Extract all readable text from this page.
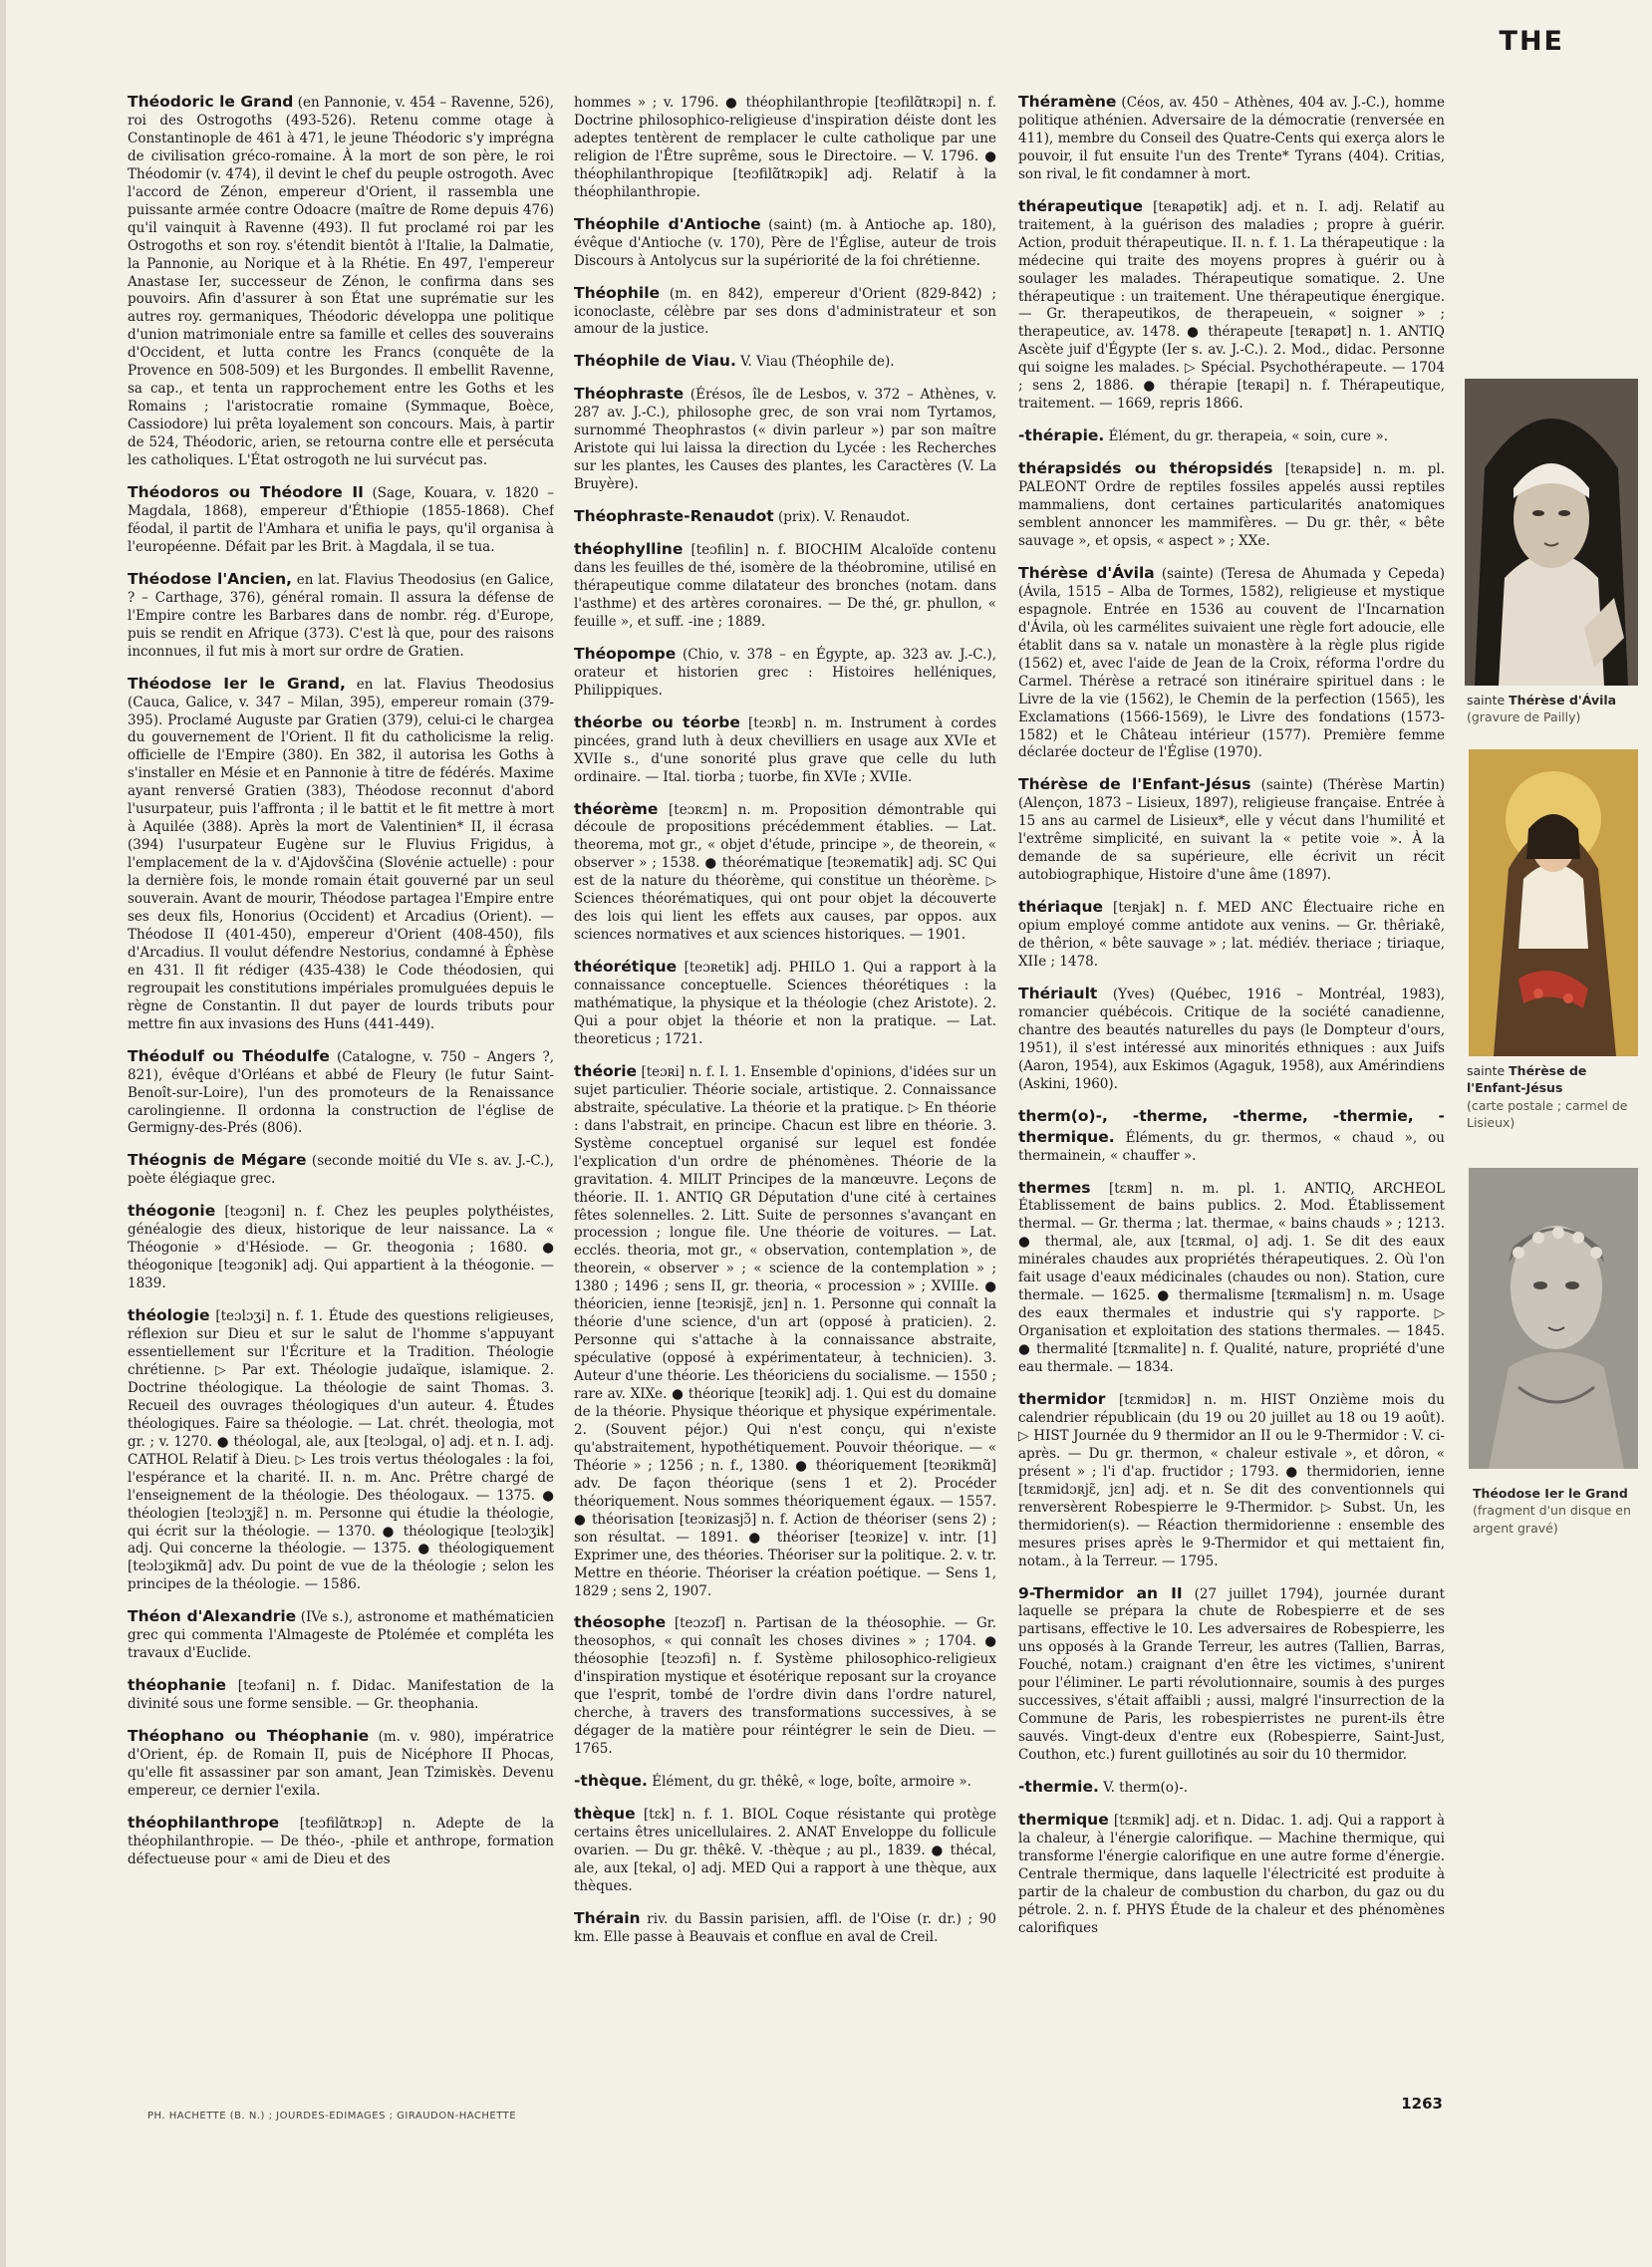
THE

Théodoric le Grand (en Pannonie, v. 454 – Ravenne, 526), roi des Ostrogoths (493-526). Retenu comme otage à Constantinople de 461 à 471, le jeune Théodoric s'y imprégna de civilisation gréco-romaine. À la mort de son père, le roi Théodomir (v. 474), il devint le chef du peuple ostrogoth. Avec l'accord de Zénon, empereur d'Orient, il rassembla une puissante armée contre Odoacre (maître de Rome depuis 476) qu'il vainquit à Ravenne (493). Il fut proclamé roi par les Ostrogoths et son roy. s'étendit bientôt à l'Italie, la Dalmatie, la Pannonie, au Norique et à la Rhétie. En 497, l'empereur Anastase Ier, successeur de Zénon, le confirma dans ses pouvoirs. Afin d'assurer à son État une suprématie sur les autres roy. germaniques, Théodoric développa une politique d'union matrimoniale entre sa famille et celles des souverains d'Occident, et lutta contre les Francs (conquête de la Provence en 508-509) et les Burgondes. Il embellit Ravenne, sa cap., et tenta un rapprochement entre les Goths et les Romains ; l'aristocratie romaine (Symmaque, Boèce, Cassiodore) lui prêta loyalement son concours. Mais, à partir de 524, Théodoric, arien, se retourna contre elle et persécuta les catholiques. L'État ostrogoth ne lui survécut pas.

Théodoros ou Théodore II (Sage, Kouara, v. 1820 – Magdala, 1868), empereur d'Éthiopie (1855-1868). Chef féodal, il partit de l'Amhara et unifia le pays, qu'il organisa à l'européenne. Défait par les Brit. à Magdala, il se tua.

Théodose l'Ancien, en lat. Flavius Theodosius (en Galice, ? – Carthage, 376), général romain. Il assura la défense de l'Empire contre les Barbares dans de nombr. rég. d'Europe, puis se rendit en Afrique (373). C'est là que, pour des raisons inconnues, il fut mis à mort sur ordre de Gratien.

Théodose Ier le Grand, en lat. Flavius Theodosius (Cauca, Galice, v. 347 – Milan, 395), empereur romain (379-395). Proclamé Auguste par Gratien (379), celui-ci le chargea du gouvernement de l'Orient. Il fit du catholicisme la relig. officielle de l'Empire (380). En 382, il autorisa les Goths à s'installer en Mésie et en Pannonie à titre de fédérés. Maxime ayant renversé Gratien (383), Théodose reconnut d'abord l'usurpateur, puis l'affronta ; il le battit et le fit mettre à mort à Aquilée (388). Après la mort de Valentinien* II, il écrasa (394) l'usurpateur Eugène sur le Fluvius Frigidus, à l'emplacement de la v. d'Ajdovščina (Slovénie actuelle) : pour la dernière fois, le monde romain était gouverné par un seul souverain. Avant de mourir, Théodose partagea l'Empire entre ses deux fils, Honorius (Occident) et Arcadius (Orient). — Théodose II (401-450), empereur d'Orient (408-450), fils d'Arcadius. Il voulut défendre Nestorius, condamné à Éphèse en 431. Il fit rédiger (435-438) le Code théodosien, qui regroupait les constitutions impériales promulguées depuis le règne de Constantin. Il dut payer de lourds tributs pour mettre fin aux invasions des Huns (441-449).

Théodulf ou Théodulfe (Catalogne, v. 750 – Angers ?, 821), évêque d'Orléans et abbé de Fleury (le futur Saint-Benoît-sur-Loire), l'un des promoteurs de la Renaissance carolingienne. Il ordonna la construction de l'église de Germigny-des-Prés (806).

Théognis de Mégare (seconde moitié du VIe s. av. J.-C.), poète élégiaque grec.

théogonie [teɔgɔni] n. f. Chez les peuples polythéistes, généalogie des dieux, historique de leur naissance. La « Théogonie » d'Hésiode. — Gr. theogonia ; 1680. ● théogonique [teɔgɔnik] adj. Qui appartient à la théogonie. — 1839.

théologie [teɔlɔʒi] n. f. 1. Étude des questions religieuses, réflexion sur Dieu et sur le salut de l'homme s'appuyant essentiellement sur l'Écriture et la Tradition. Théologie chrétienne. ▷ Par ext. Théologie judaïque, islamique. 2. Doctrine théologique. La théologie de saint Thomas. 3. Recueil des ouvrages théologiques d'un auteur. 4. Études théologiques. Faire sa théologie. — Lat. chrét. theologia, mot gr. ; v. 1270. ● théologal, ale, aux [teɔlɔgal, o] adj. et n. I. adj. CATHOL Relatif à Dieu. ▷ Les trois vertus théologales : la foi, l'espérance et la charité. II. n. m. Anc. Prêtre chargé de l'enseignement de la théologie. Des théologaux. — 1375. ● théologien [teɔlɔʒjɛ̃] n. m. Personne qui étudie la théologie, qui écrit sur la théologie. — 1370. ● théologique [teɔlɔʒik] adj. Qui concerne la théologie. — 1375. ● théologiquement [teɔlɔʒikmɑ̃] adv. Du point de vue de la théologie ; selon les principes de la théologie. — 1586.

Théon d'Alexandrie (IVe s.), astronome et mathématicien grec qui commenta l'Almageste de Ptolémée et compléta les travaux d'Euclide.

théophanie [teɔfani] n. f. Didac. Manifestation de la divinité sous une forme sensible. — Gr. theophania.

Théophano ou Théophanie (m. v. 980), impératrice d'Orient, ép. de Romain II, puis de Nicéphore II Phocas, qu'elle fit assassiner par son amant, Jean Tzimiskès. Devenu empereur, ce dernier l'exila.

théophilanthrope [teɔfilɑ̃tʀɔp] n. Adepte de la théophilanthropie. — De théo-, -phile et anthrope, formation défectueuse pour « ami de Dieu et des

hommes » ; v. 1796. ● théophilanthropie [teɔfilɑ̃tʀɔpi] n. f. Doctrine philosophico-religieuse d'inspiration déiste dont les adeptes tentèrent de remplacer le culte catholique par une religion de l'Être suprême, sous le Directoire. — V. 1796. ● théophilanthropique [teɔfilɑ̃tʀɔpik] adj. Relatif à la théophilanthropie.

Théophile d'Antioche (saint) (m. à Antioche ap. 180), évêque d'Antioche (v. 170), Père de l'Église, auteur de trois Discours à Antolycus sur la supériorité de la foi chrétienne.

Théophile (m. en 842), empereur d'Orient (829-842) ; iconoclaste, célèbre par ses dons d'administrateur et son amour de la justice.

Théophile de Viau. V. Viau (Théophile de).

Théophraste (Érésos, île de Lesbos, v. 372 – Athènes, v. 287 av. J.-C.), philosophe grec, de son vrai nom Tyrtamos, surnommé Theophrastos (« divin parleur ») par son maître Aristote qui lui laissa la direction du Lycée : les Recherches sur les plantes, les Causes des plantes, les Caractères (V. La Bruyère).

Théophraste-Renaudot (prix). V. Renaudot.

théophylline [teɔfilin] n. f. BIOCHIM Alcaloïde contenu dans les feuilles de thé, isomère de la théobromine, utilisé en thérapeutique comme dilatateur des bronches (notam. dans l'asthme) et des artères coronaires. — De thé, gr. phullon, « feuille », et suff. -ine ; 1889.

Théopompe (Chio, v. 378 – en Égypte, ap. 323 av. J.-C.), orateur et historien grec : Histoires helléniques, Philippiques.

théorbe ou téorbe [teɔʀb] n. m. Instrument à cordes pincées, grand luth à deux chevilliers en usage aux XVIe et XVIIe s., d'une sonorité plus grave que celle du luth ordinaire. — Ital. tiorba ; tuorbe, fin XVIe ; XVIIe.

théorème [teɔʀɛm] n. m. Proposition démontrable qui découle de propositions précédemment établies. — Lat. theorema, mot gr., « objet d'étude, principe », de theorein, « observer » ; 1538. ● théorématique [teɔʀematik] adj. SC Qui est de la nature du théorème, qui constitue un théorème. ▷ Sciences théorématiques, qui ont pour objet la découverte des lois qui lient les effets aux causes, par oppos. aux sciences normatives et aux sciences historiques. — 1901.

théorétique [teɔʀetik] adj. PHILO 1. Qui a rapport à la connaissance conceptuelle. Sciences théorétiques : la mathématique, la physique et la théologie (chez Aristote). 2. Qui a pour objet la théorie et non la pratique. — Lat. theoreticus ; 1721.

théorie [teɔʀi] n. f. I. 1. Ensemble d'opinions, d'idées sur un sujet particulier. Théorie sociale, artistique. 2. Connaissance abstraite, spéculative. La théorie et la pratique. ▷ En théorie : dans l'abstrait, en principe. Chacun est libre en théorie. 3. Système conceptuel organisé sur lequel est fondée l'explication d'un ordre de phénomènes. Théorie de la gravitation. 4. MILIT Principes de la manœuvre. Leçons de théorie. II. 1. ANTIQ GR Députation d'une cité à certaines fêtes solennelles. 2. Litt. Suite de personnes s'avançant en procession ; longue file. Une théorie de voitures. — Lat. ecclés. theoria, mot gr., « observation, contemplation », de theorein, « observer » ; « science de la contemplation » ; 1380 ; 1496 ; sens II, gr. theoria, « procession » ; XVIIIe. ● théoricien, ienne [teɔʀisjɛ̃, jɛn] n. 1. Personne qui connaît la théorie d'une science, d'un art (opposé à praticien). 2. Personne qui s'attache à la connaissance abstraite, spéculative (opposé à expérimentateur, à technicien). 3. Auteur d'une théorie. Les théoriciens du socialisme. — 1550 ; rare av. XIXe. ● théorique [teɔʀik] adj. 1. Qui est du domaine de la théorie. Physique théorique et physique expérimentale. 2. (Souvent péjor.) Qui n'est conçu, qui n'existe qu'abstraitement, hypothétiquement. Pouvoir théorique. — « Théorie » ; 1256 ; n. f., 1380. ● théoriquement [teɔʀikmɑ̃] adv. De façon théorique (sens 1 et 2). Procéder théoriquement. Nous sommes théoriquement égaux. — 1557. ● théorisation [teɔʀizasjɔ̃] n. f. Action de théoriser (sens 2) ; son résultat. — 1891. ● théoriser [teɔʀize] v. intr. [1] Exprimer une, des théories. Théoriser sur la politique. 2. v. tr. Mettre en théorie. Théoriser la création poétique. — Sens 1, 1829 ; sens 2, 1907.

théosophe [teɔzɔf] n. Partisan de la théosophie. — Gr. theosophos, « qui connaît les choses divines » ; 1704. ● théosophie [teɔzɔfi] n. f. Système philosophico-religieux d'inspiration mystique et ésotérique reposant sur la croyance que l'esprit, tombé de l'ordre divin dans l'ordre naturel, cherche, à travers des transformations successives, à se dégager de la matière pour réintégrer le sein de Dieu. — 1765.

-thèque. Élément, du gr. thêkê, « loge, boîte, armoire ».

thèque [tɛk] n. f. 1. BIOL Coque résistante qui protège certains êtres unicellulaires. 2. ANAT Enveloppe du follicule ovarien. — Du gr. thêkê. V. -thèque ; au pl., 1839. ● thécal, ale, aux [tekal, o] adj. MED Qui a rapport à une thèque, aux thèques.

Thérain riv. du Bassin parisien, affl. de l'Oise (r. dr.) ; 90 km. Elle passe à Beauvais et conflue en aval de Creil.

Théramène (Céos, av. 450 – Athènes, 404 av. J.-C.), homme politique athénien. Adversaire de la démocratie (renversée en 411), membre du Conseil des Quatre-Cents qui exerça alors le pouvoir, il fut ensuite l'un des Trente* Tyrans (404). Critias, son rival, le fit condamner à mort.

thérapeutique [teʀapøtik] adj. et n. I. adj. Relatif au traitement, à la guérison des maladies ; propre à guérir. Action, produit thérapeutique. II. n. f. 1. La thérapeutique : la médecine qui traite des moyens propres à guérir ou à soulager les malades. Thérapeutique somatique. 2. Une thérapeutique : un traitement. Une thérapeutique énergique. — Gr. therapeutikos, de therapeuein, « soigner » ; therapeutice, av. 1478. ● thérapeute [teʀapøt] n. 1. ANTIQ Ascète juif d'Égypte (Ier s. av. J.-C.). 2. Mod., didac. Personne qui soigne les malades. ▷ Spécial. Psychothérapeute. — 1704 ; sens 2, 1886. ● thérapie [teʀapi] n. f. Thérapeutique, traitement. — 1669, repris 1866.

-thérapie. Élément, du gr. therapeia, « soin, cure ».

thérapsidés ou théropsidés [teʀapside] n. m. pl. PALEONT Ordre de reptiles fossiles appelés aussi reptiles mammaliens, dont certaines particularités anatomiques semblent annoncer les mammifères. — Du gr. thêr, « bête sauvage », et opsis, « aspect » ; XXe.

Thérèse d'Ávila (sainte) (Teresa de Ahumada y Cepeda) (Ávila, 1515 – Alba de Tormes, 1582), religieuse et mystique espagnole. Entrée en 1536 au couvent de l'Incarnation d'Ávila, où les carmélites suivaient une règle fort adoucie, elle établit dans sa v. natale un monastère à la règle plus rigide (1562) et, avec l'aide de Jean de la Croix, réforma l'ordre du Carmel. Thérèse a retracé son itinéraire spirituel dans : le Livre de la vie (1562), le Chemin de la perfection (1565), les Exclamations (1566-1569), le Livre des fondations (1573-1582) et le Château intérieur (1577). Première femme déclarée docteur de l'Église (1970).

Thérèse de l'Enfant-Jésus (sainte) (Thérèse Martin) (Alençon, 1873 – Lisieux, 1897), religieuse française. Entrée à 15 ans au carmel de Lisieux*, elle y vécut dans l'humilité et l'extrême simplicité, en suivant la « petite voie ». À la demande de sa supérieure, elle écrivit un récit autobiographique, Histoire d'une âme (1897).

thériaque [teʀjak] n. f. MED ANC Électuaire riche en opium employé comme antidote aux venins. — Gr. thêriakê, de thêrion, « bête sauvage » ; lat. médiév. theriace ; tiriaque, XIIe ; 1478.

Thériault (Yves) (Québec, 1916 – Montréal, 1983), romancier québécois. Critique de la société canadienne, chantre des beautés naturelles du pays (le Dompteur d'ours, 1951), il s'est intéressé aux minorités ethniques : aux Juifs (Aaron, 1954), aux Eskimos (Agaguk, 1958), aux Amérindiens (Askini, 1960).

therm(o)-, -therme, -therme, -thermie, -thermique. Éléments, du gr. thermos, « chaud », ou thermainein, « chauffer ».

thermes [tɛʀm] n. m. pl. 1. ANTIQ, ARCHEOL Établissement de bains publics. 2. Mod. Établissement thermal. — Gr. therma ; lat. thermae, « bains chauds » ; 1213. ● thermal, ale, aux [tɛʀmal, o] adj. 1. Se dit des eaux minérales chaudes aux propriétés thérapeutiques. 2. Où l'on fait usage d'eaux médicinales (chaudes ou non). Station, cure thermale. — 1625. ● thermalisme [tɛʀmalism] n. m. Usage des eaux thermales et industrie qui s'y rapporte. ▷ Organisation et exploitation des stations thermales. — 1845. ● thermalité [tɛʀmalite] n. f. Qualité, nature, propriété d'une eau thermale. — 1834.

thermidor [tɛʀmidɔʀ] n. m. HIST Onzième mois du calendrier républicain (du 19 ou 20 juillet au 18 ou 19 août). ▷ HIST Journée du 9 thermidor an II ou le 9-Thermidor : V. ci-après. — Du gr. thermon, « chaleur estivale », et dôron, « présent » ; l'i d'ap. fructidor ; 1793. ● thermidorien, ienne [tɛʀmidɔʀjɛ̃, jɛn] adj. et n. Se dit des conventionnels qui renversèrent Robespierre le 9-Thermidor. ▷ Subst. Un, les thermidorien(s). — Réaction thermidorienne : ensemble des mesures prises après le 9-Thermidor et qui mettaient fin, notam., à la Terreur. — 1795.

9-Thermidor an II (27 juillet 1794), journée durant laquelle se prépara la chute de Robespierre et de ses partisans, effective le 10. Les adversaires de Robespierre, les uns opposés à la Grande Terreur, les autres (Tallien, Barras, Fouché, notam.) craignant d'en être les victimes, s'unirent pour l'éliminer. Le parti révolutionnaire, soumis à des purges successives, s'était affaibli ; aussi, malgré l'insurrection de la Commune de Paris, les robespierristes ne purent-ils être sauvés. Vingt-deux d'entre eux (Robespierre, Saint-Just, Couthon, etc.) furent guillotinés au soir du 10 thermidor.

-thermie. V. therm(o)-.

thermique [tɛʀmik] adj. et n. Didac. 1. adj. Qui a rapport à la chaleur, à l'énergie calorifique. — Machine thermique, qui transforme l'énergie calorifique en une autre forme d'énergie. Centrale thermique, dans laquelle l'électricité est produite à partir de la chaleur de combustion du charbon, du gaz ou du pétrole. 2. n. f. PHYS Étude de la chaleur et des phénomènes calorifiques

sainte Thérèse d'Ávila
(gravure de Pailly)
sainte Thérèse de l'Enfant-Jésus
(carte postale ; carmel de Lisieux)
Théodose Ier le Grand
(fragment d'un disque en argent gravé)
PH. HACHETTE (B. N.) ; JOURDES-EDIMAGES ; GIRAUDON-HACHETTE
1263
